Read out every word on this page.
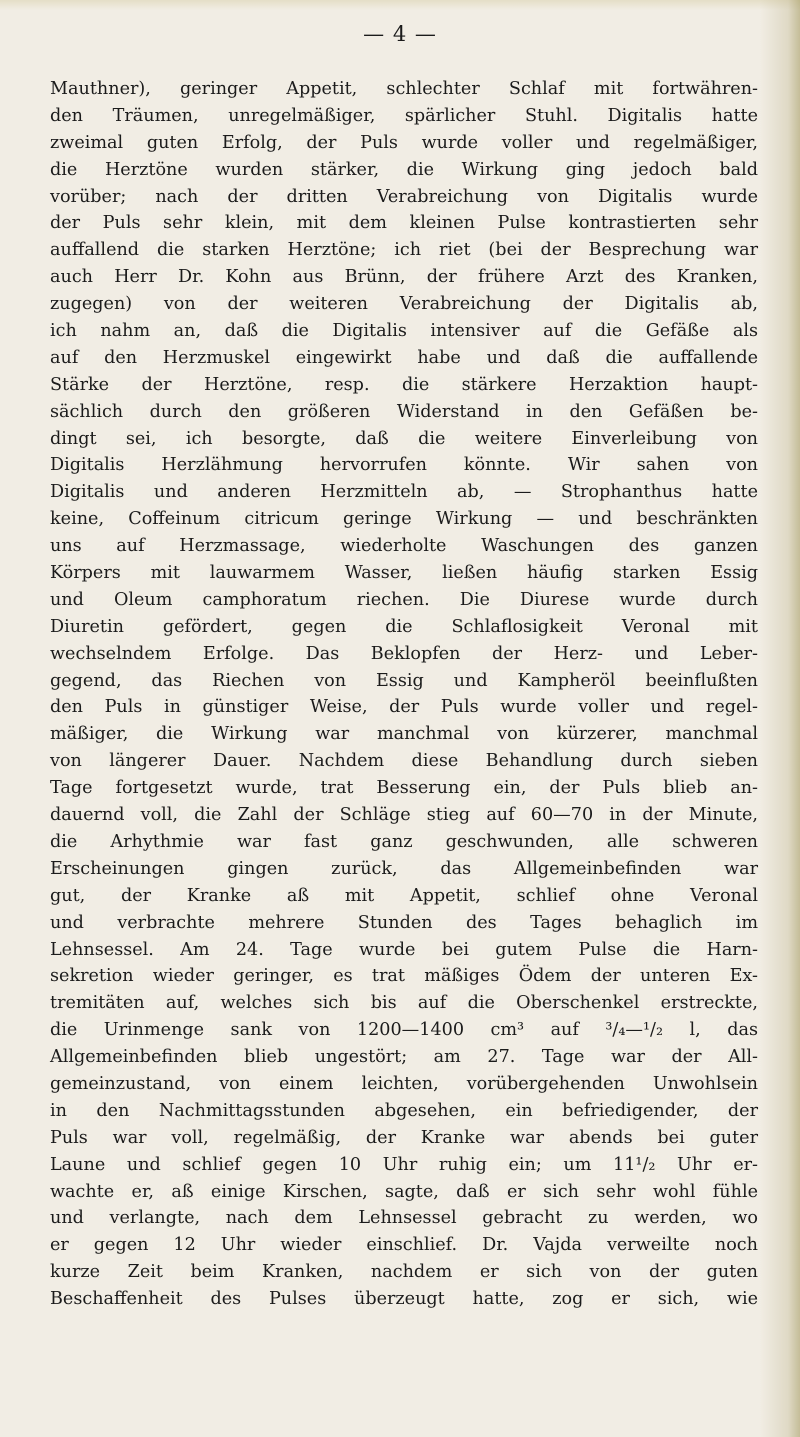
— 4 —
Mauthner), geringer Appetit, schlechter Schlaf mit fortwähren-
den Träumen, unregelmäßiger, spärlicher Stuhl. Digitalis hatte
zweimal guten Erfolg, der Puls wurde voller und regelmäßiger,
die Herztöne wurden stärker, die Wirkung ging jedoch bald
vorüber; nach der dritten Verabreichung von Digitalis wurde
der Puls sehr klein, mit dem kleinen Pulse kontrastierten sehr
auffallend die starken Herztöne; ich riet (bei der Besprechung war
auch Herr Dr. Kohn aus Brünn, der frühere Arzt des Kranken,
zugegen) von der weiteren Verabreichung der Digitalis ab,
ich nahm an, daß die Digitalis intensiver auf die Gefäße als
auf den Herzmuskel eingewirkt habe und daß die auffallende
Stärke der Herztöne, resp. die stärkere Herzaktion haupt-
sächlich durch den größeren Widerstand in den Gefäßen be-
dingt sei, ich besorgte, daß die weitere Einverleibung von
Digitalis Herzlähmung hervorrufen könnte. Wir sahen von
Digitalis und anderen Herzmitteln ab, — Strophanthus hatte
keine, Coffeinum citricum geringe Wirkung — und beschränkten
uns auf Herzmassage, wiederholte Waschungen des ganzen
Körpers mit lauwarmem Wasser, ließen häufig starken Essig
und Oleum camphoratum riechen. Die Diurese wurde durch
Diuretin gefördert, gegen die Schlaflosigkeit Veronal mit
wechselndem Erfolge. Das Beklopfen der Herz- und Leber-
gegend, das Riechen von Essig und Kampheröl beeinflußten
den Puls in günstiger Weise, der Puls wurde voller und regel-
mäßiger, die Wirkung war manchmal von kürzerer, manchmal
von längerer Dauer. Nachdem diese Behandlung durch sieben
Tage fortgesetzt wurde, trat Besserung ein, der Puls blieb an-
dauernd voll, die Zahl der Schläge stieg auf 60—70 in der Minute,
die Arhythmie war fast ganz geschwunden, alle schweren
Erscheinungen gingen zurück, das Allgemeinbefinden war
gut, der Kranke aß mit Appetit, schlief ohne Veronal
und verbrachte mehrere Stunden des Tages behaglich im
Lehnsessel. Am 24. Tage wurde bei gutem Pulse die Harn-
sekretion wieder geringer, es trat mäßiges Ödem der unteren Ex-
tremitäten auf, welches sich bis auf die Oberschenkel erstreckte,
die Urinmenge sank von 1200—1400 cm³ auf ³/₄—¹/₂ l, das
Allgemeinbefinden blieb ungestört; am 27. Tage war der All-
gemeinzustand, von einem leichten, vorübergehenden Unwohlsein
in den Nachmittagsstunden abgesehen, ein befriedigender, der
Puls war voll, regelmäßig, der Kranke war abends bei guter
Laune und schlief gegen 10 Uhr ruhig ein; um 11¹/₂ Uhr er-
wachte er, aß einige Kirschen, sagte, daß er sich sehr wohl fühle
und verlangte, nach dem Lehnsessel gebracht zu werden, wo
er gegen 12 Uhr wieder einschlief. Dr. Vajda verweilte noch
kurze Zeit beim Kranken, nachdem er sich von der guten
Beschaffenheit des Pulses überzeugt hatte, zog er sich, wie
